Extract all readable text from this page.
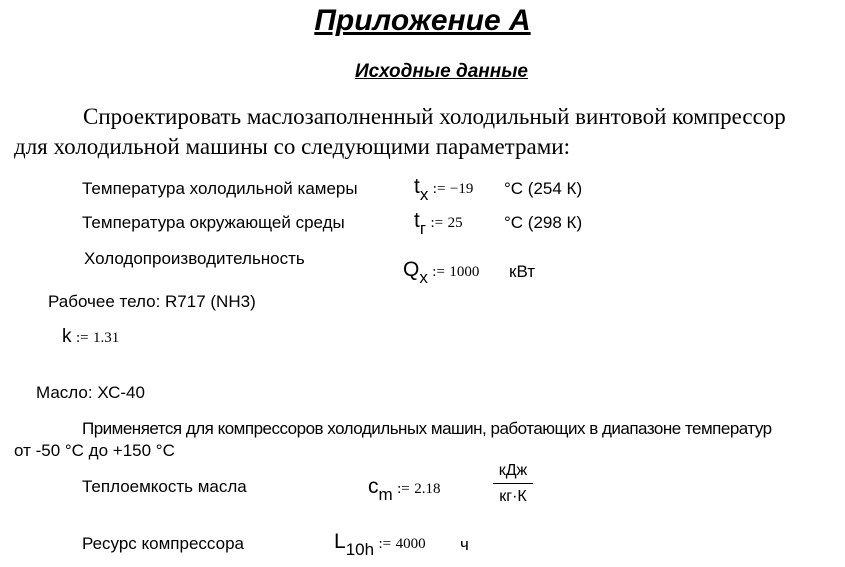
Приложение А
Исходные данные
Спроектировать маслозаполненный холодильный винтовой компрессор
для холодильной машины со следующими параметрами:
Температура холодильной камеры	tx := −19 °C (254 К)
Температура окружающей среды	tг := 25 °C (298 К)
Холодопроизводительность	Qx := 1000 кВт
Рабочее тело: R717 (NH3)
k := 1.31
Масло: ХС-40
Применяется для компрессоров холодильных машин, работающих в диапазоне температур
от -50 °C до +150 °C
Теплоемкость масла	cm := 2.18
кДж
кг·К
Ресурс компрессора	L10h := 4000 ч
